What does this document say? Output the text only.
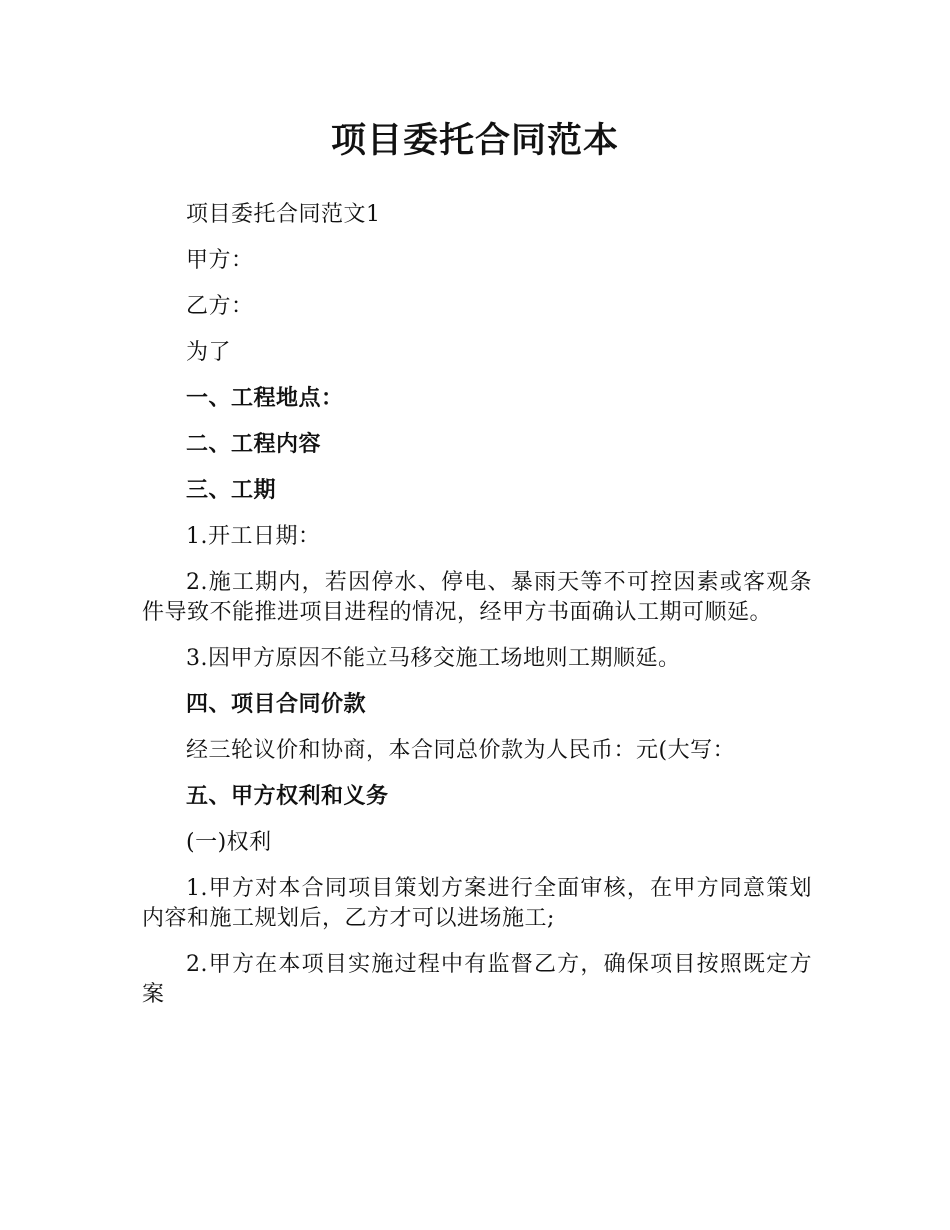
项目委托合同范本

项目委托合同范文1

甲方：

乙方：

为了

一、工程地点：

二、工程内容

三、工期

1.开工日期：

2.施工期内，若因停水、停电、暴雨天等不可控因素或客观条件导致不能推进项目进程的情况，经甲方书面确认工期可顺延。

3.因甲方原因不能立马移交施工场地则工期顺延。

四、项目合同价款

经三轮议价和协商，本合同总价款为人民币：元(大写：

五、甲方权利和义务

(一)权利

1.甲方对本合同项目策划方案进行全面审核，在甲方同意策划内容和施工规划后，乙方才可以进场施工;

2.甲方在本项目实施过程中有监督乙方，确保项目按照既定方案
